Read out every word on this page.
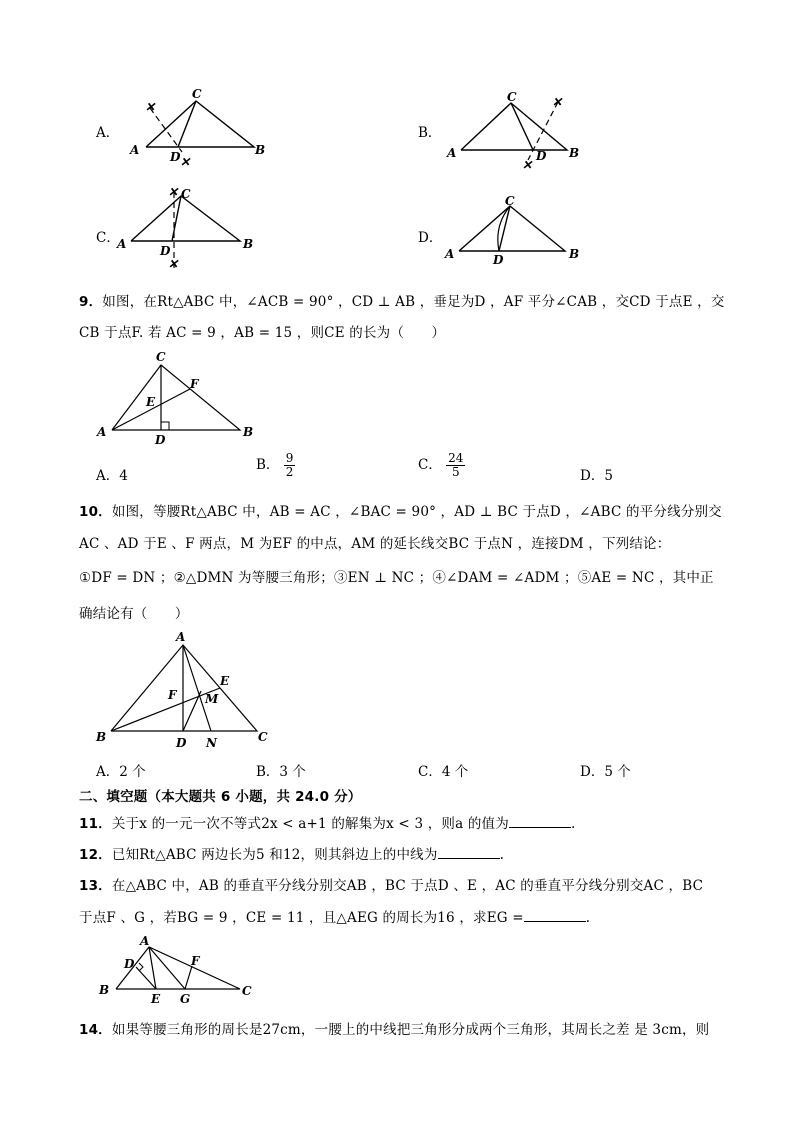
A．
✕
✕
C
A	B
D
B．
✕
✕
C
A	B
D
C．
✕
✕
C
A	B
D
D．
C
A	B
D
9．如图，在Rt△ABC 中，∠ACB = 90° ，CD ⊥ AB ，垂足为D ，AF 平分∠CAB ，交CD 于点E ，交
CB 于点F. 若 AC = 9 ，AB = 15 ，则CE 的长为（　　）
C
A	B
D
E
F
A．4
B． $\frac{9}{2}$	C． $\frac{24}{5}$	D．5
10．如图，等腰Rt△ABC 中，AB = AC ，∠BAC = 90° ，AD ⊥ BC 于点D ，∠ABC 的平分线分别交
AC 、AD 于E 、F 两点，M 为EF 的中点，AM 的延长线交BC 于点N ，连接DM ，下列结论：
①DF = DN ；②△DMN 为等腰三角形；③EN ⊥ NC ；④∠DAM = ∠ADM ；⑤AE = NC ，其中正
确结论有（　　）
A
B	C
D
E
F M
N
A．2 个	B．3 个	C．4 个	D．5 个
二、填空题（本大题共 6 小题，共 24.0 分）
11．关于x 的一元一次不等式2x < a+1 的解集为x < 3 ，则a 的值为	.
12．已知Rt△ABC 两边长为5 和12，则其斜边上的中线为	.
13．在△ABC 中，AB 的垂直平分线分别交AB ，BC 于点D 、E ，AC 的垂直平分线分别交AC ，BC
于点F 、G ，若BG = 9 ，CE = 11 ，且△AEG 的周长为16 ，求EG =	.
A
B	C
D
E
F
G
14．如果等腰三角形的周长是27cm，一腰上的中线把三角形分成两个三角形，其周长之差 是 3cm，则
